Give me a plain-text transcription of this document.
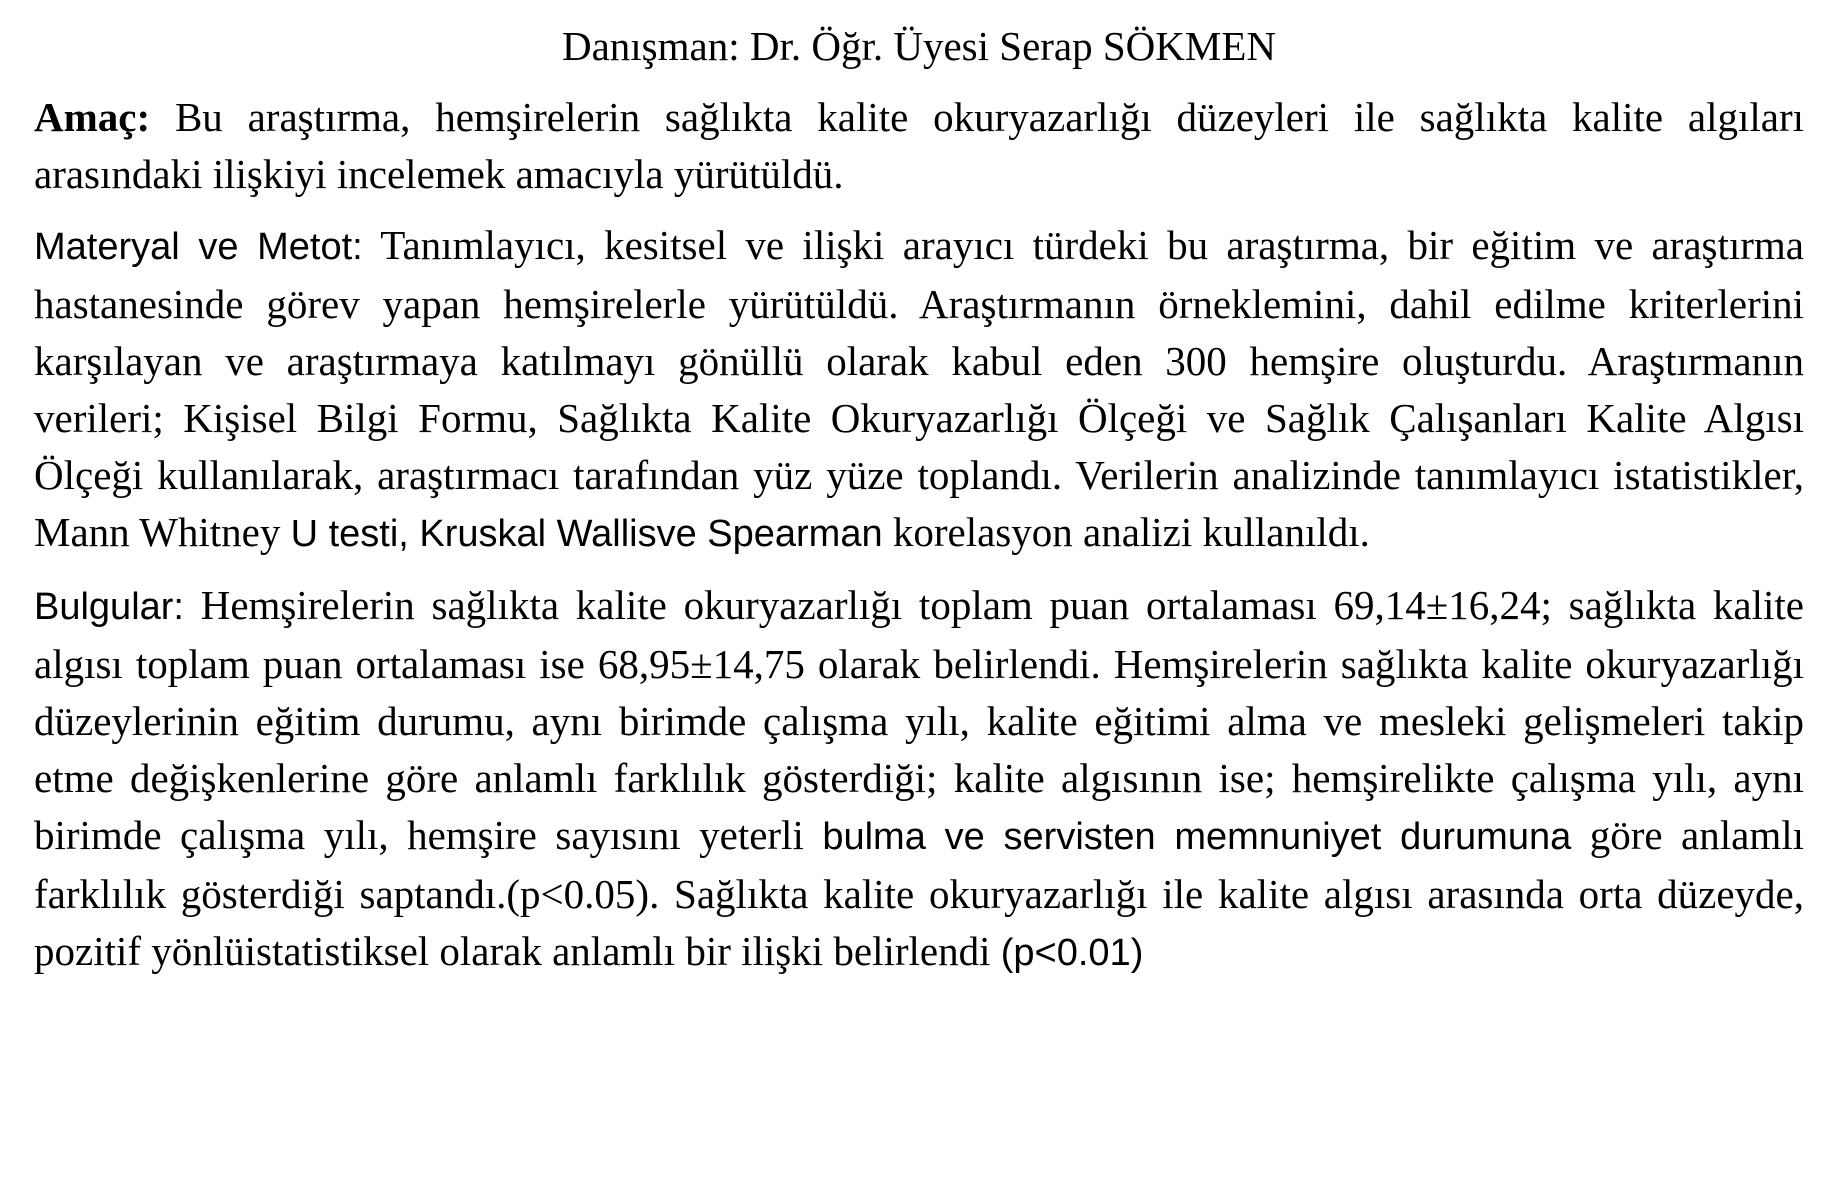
Danışman: Dr. Öğr. Üyesi Serap SÖKMEN
Amaç: Bu araştırma, hemşirelerin sağlıkta kalite okuryazarlığı düzeyleri ile sağlıkta kalite algıları arasındaki ilişkiyi incelemek amacıyla yürütüldü.
Materyal ve Metot: Tanımlayıcı, kesitsel ve ilişki arayıcı türdeki bu araştırma, bir eğitim ve araştırma hastanesinde görev yapan hemşirelerle yürütüldü. Araştırmanın örneklemini, dahil edilme kriterlerini karşılayan ve araştırmaya katılmayı gönüllü olarak kabul eden 300 hemşire oluşturdu. Araştırmanın verileri; Kişisel Bilgi Formu, Sağlıkta Kalite Okuryazarlığı Ölçeği ve Sağlık Çalışanları Kalite Algısı Ölçeği kullanılarak, araştırmacı tarafından yüz yüze toplandı. Verilerin analizinde tanımlayıcı istatistikler, Mann Whitney U testi, Kruskal Wallisve Spearman korelasyon analizi kullanıldı.
Bulgular: Hemşirelerin sağlıkta kalite okuryazarlığı toplam puan ortalaması 69,14±16,24; sağlıkta kalite algısı toplam puan ortalaması ise 68,95±14,75 olarak belirlendi. Hemşirelerin sağlıkta kalite okuryazarlığı düzeylerinin eğitim durumu, aynı birimde çalışma yılı, kalite eğitimi alma ve mesleki gelişmeleri takip etme değişkenlerine göre anlamlı farklılık gösterdiği; kalite algısının ise; hemşirelikte çalışma yılı, aynı birimde çalışma yılı, hemşire sayısını yeterli bulma ve servisten memnuniyet durumuna göre anlamlı farklılık gösterdiği saptandı.(p<0.05). Sağlıkta kalite okuryazarlığı ile kalite algısı arasında orta düzeyde, pozitif yönlüistatistiksel olarak anlamlı bir ilişki belirlendi (p<0.01)
